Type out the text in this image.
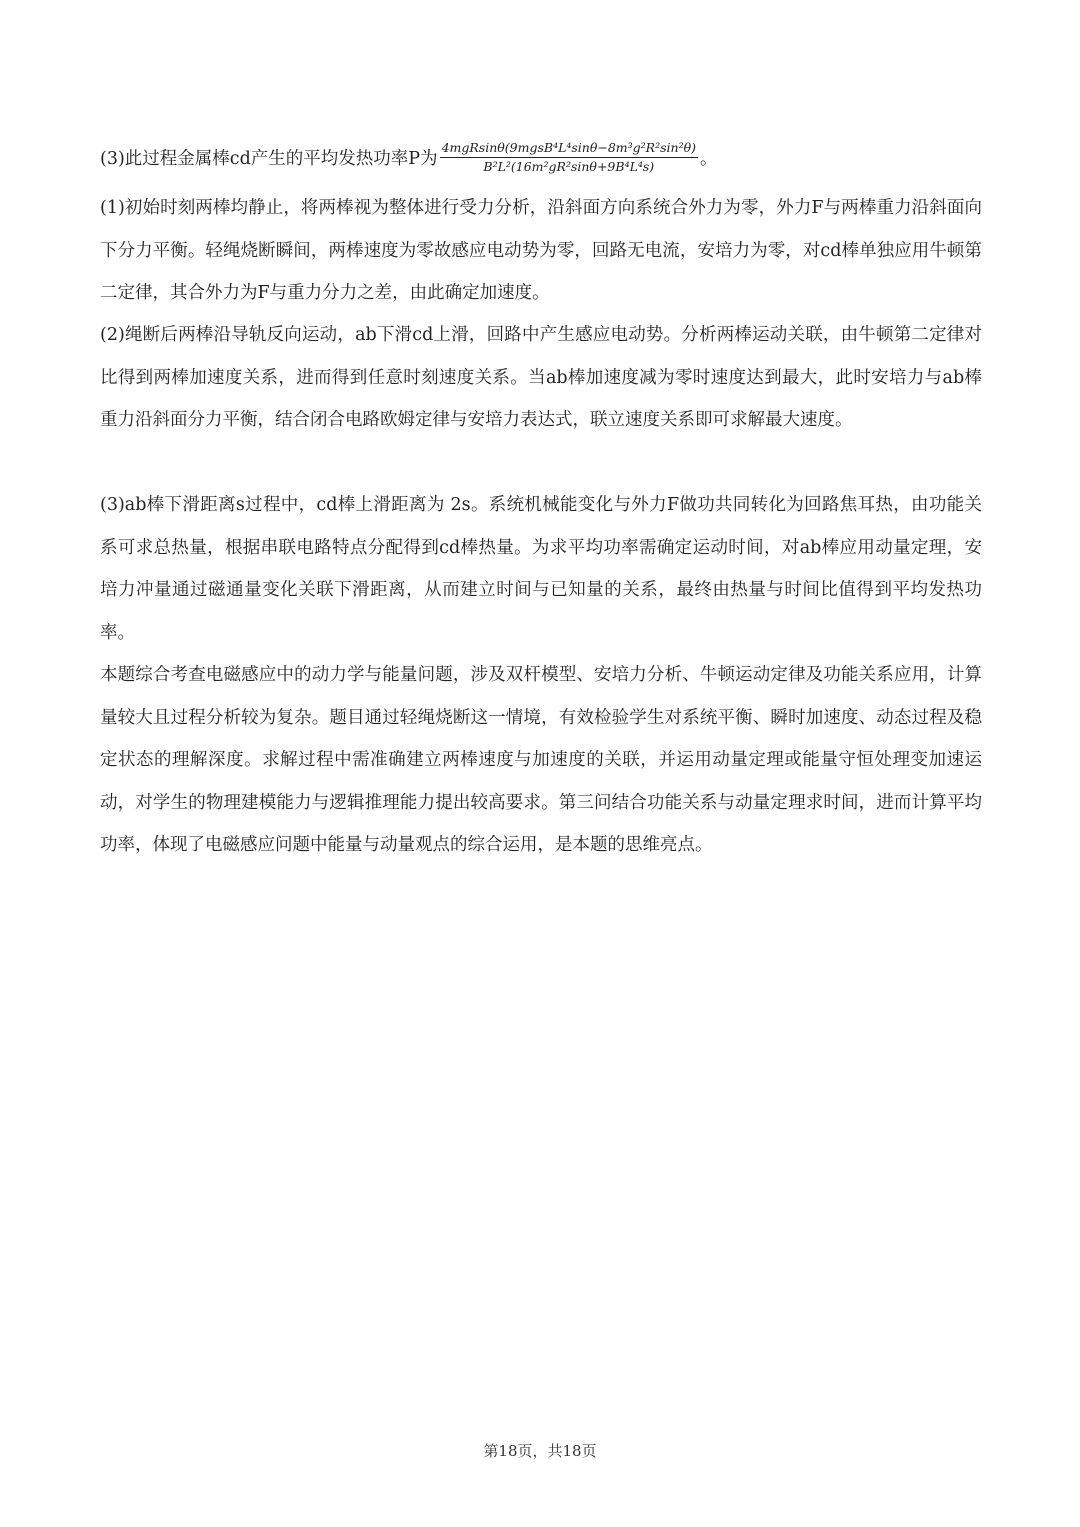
(3)此过程金属棒cd产生的平均发热功率P为 $\frac{\text{4mgRsinθ(9mgsB⁴L⁴sinθ−8m³g²R²sin²θ)}}{\text{B²L²(16m²gR²sinθ+9B⁴L⁴s)}}$ 。

(1)初始时刻两棒均静止，将两棒视为整体进行受力分析，沿斜面方向系统合外力为零，外力F与两棒重力沿斜面向下分力平衡。轻绳烧断瞬间，两棒速度为零故感应电动势为零，回路无电流，安培力为零，对cd棒单独应用牛顿第二定律，其合外力为F与重力分力之差，由此确定加速度。

(2)绳断后两棒沿导轨反向运动，ab下滑cd上滑，回路中产生感应电动势。分析两棒运动关联，由牛顿第二定律对比得到两棒加速度关系，进而得到任意时刻速度关系。当ab棒加速度减为零时速度达到最大，此时安培力与ab棒重力沿斜面分力平衡，结合闭合电路欧姆定律与安培力表达式，联立速度关系即可求解最大速度。

(3)ab棒下滑距离s过程中，cd棒上滑距离为 2s。系统机械能变化与外力F做功共同转化为回路焦耳热，由功能关系可求总热量，根据串联电路特点分配得到cd棒热量。为求平均功率需确定运动时间，对ab棒应用动量定理，安培力冲量通过磁通量变化关联下滑距离，从而建立时间与已知量的关系，最终由热量与时间比值得到平均发热功率。

本题综合考查电磁感应中的动力学与能量问题，涉及双杆模型、安培力分析、牛顿运动定律及功能关系应用，计算量较大且过程分析较为复杂。题目通过轻绳烧断这一情境，有效检验学生对系统平衡、瞬时加速度、动态过程及稳定状态的理解深度。求解过程中需准确建立两棒速度与加速度的关联，并运用动量定理或能量守恒处理变加速运动，对学生的物理建模能力与逻辑推理能力提出较高要求。第三问结合功能关系与动量定理求时间，进而计算平均功率，体现了电磁感应问题中能量与动量观点的综合运用，是本题的思维亮点。

第18页，共18页
